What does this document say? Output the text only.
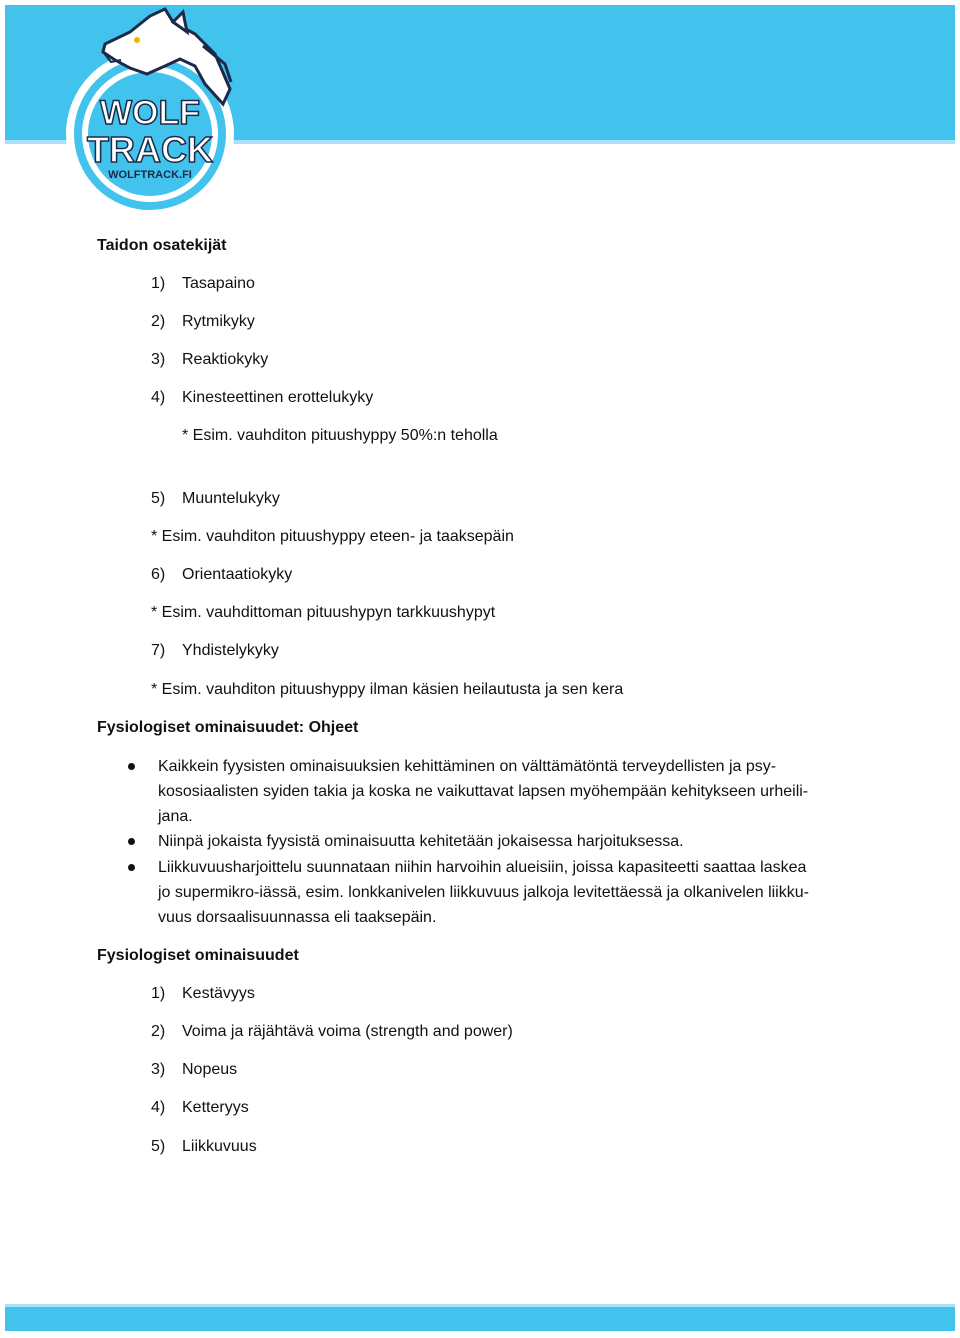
WOLF
TRACK
WOLFTRACK.FI
Taidon osatekijät
1) Tasapaino
2) Rytmikyky
3) Reaktiokyky
4) Kinesteettinen erottelukyky
* Esim. vauhditon pituushyppy 50%:n teholla
5) Muuntelukyky
* Esim. vauhditon pituushyppy eteen- ja taaksepäin
6) Orientaatiokyky
* Esim. vauhdittoman pituushypyn tarkkuushypyt
7) Yhdistelykyky
* Esim. vauhditon pituushyppy ilman käsien heilautusta ja sen kera
Fysiologiset ominaisuudet: Ohjeet
Kaikkein fyysisten ominaisuuksien kehittäminen on välttämätöntä terveydellisten ja psy-
kososiaalisten syiden takia ja koska ne vaikuttavat lapsen myöhempään kehitykseen urheili-
jana.
Niinpä jokaista fyysistä ominaisuutta kehitetään jokaisessa harjoituksessa.
Liikkuvuusharjoittelu suunnataan niihin harvoihin alueisiin, joissa kapasiteetti saattaa laskea
jo supermikro-iässä, esim. lonkkanivelen liikkuvuus jalkoja levitettäessä ja olkanivelen liikku-
vuus dorsaalisuunnassa eli taaksepäin.
Fysiologiset ominaisuudet
1) Kestävyys
2) Voima ja räjähtävä voima (strength and power)
3) Nopeus
4) Ketteryys
5) Liikkuvuus
